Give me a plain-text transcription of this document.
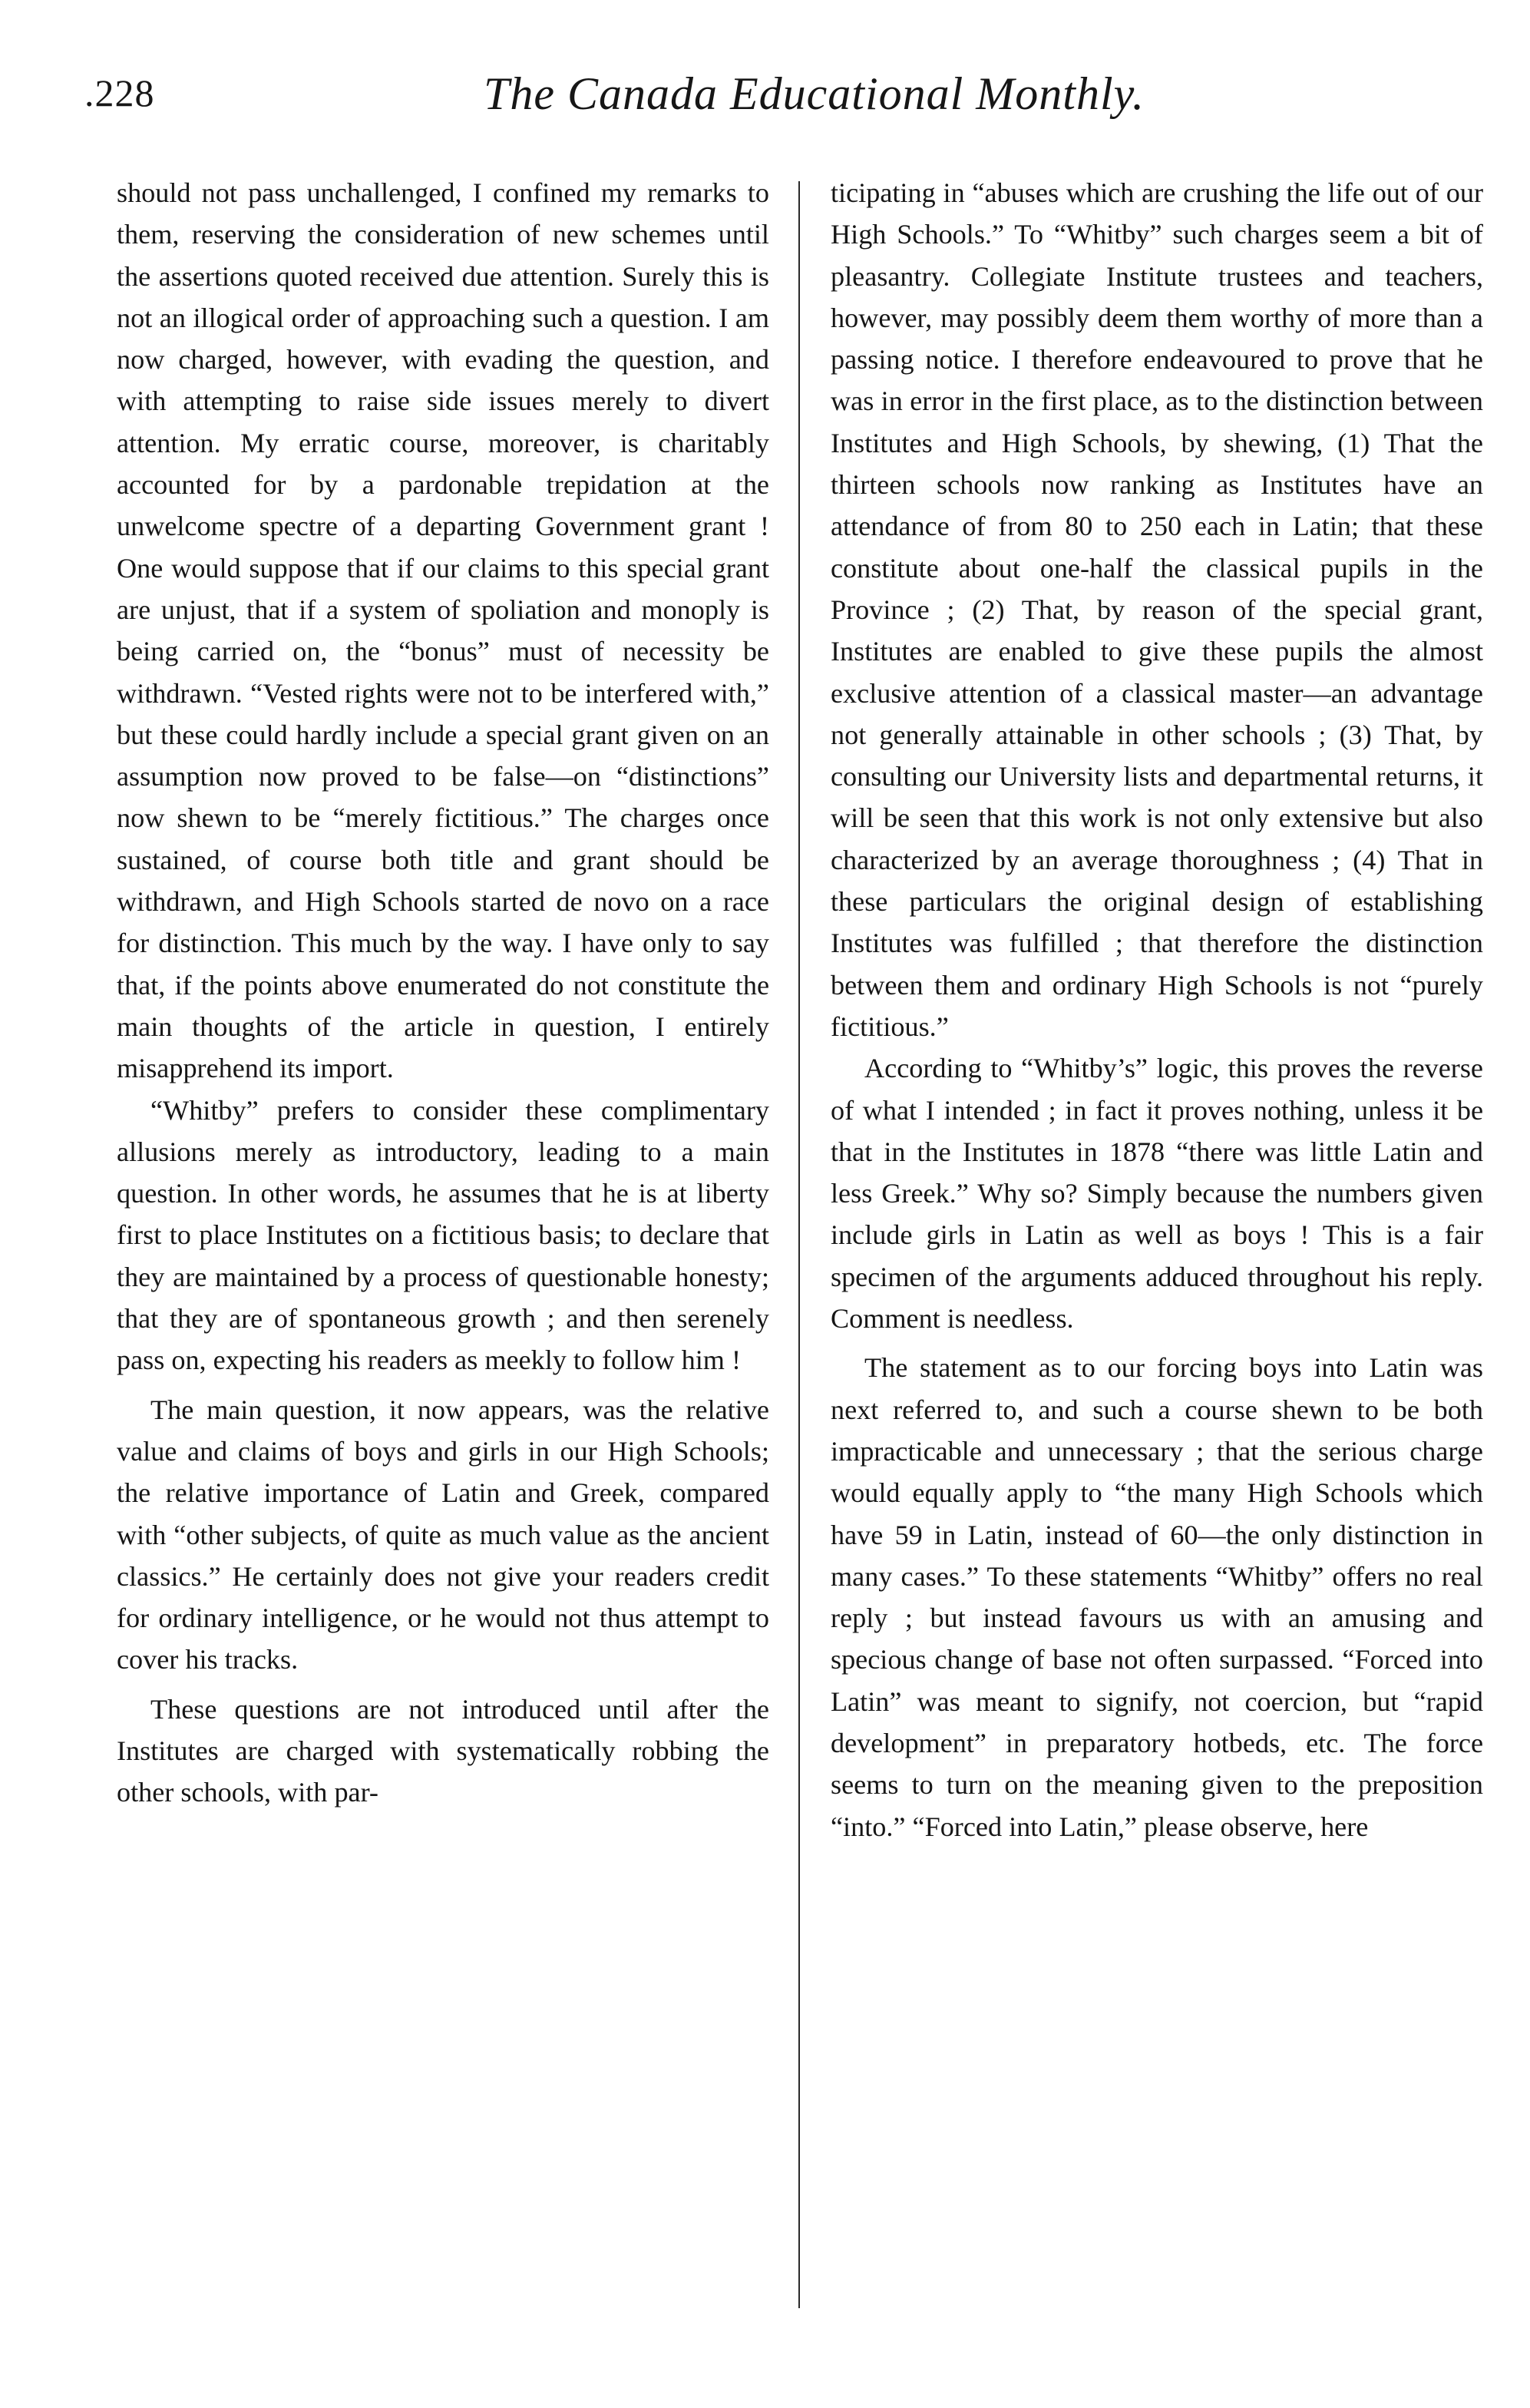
.228	The Canada Educational Monthly.

should not pass unchallenged, I confined my remarks to them, reserving the consideration of new schemes until the assertions quoted received due attention. Surely this is not an illogical order of approaching such a question. I am now charged, however, with evading the question, and with attempting to raise side issues merely to divert attention. My erratic course, moreover, is charitably accounted for by a pardonable trepidation at the unwelcome spectre of a departing Government grant ! One would suppose that if our claims to this special grant are unjust, that if a system of spoliation and monoply is being carried on, the “bonus” must of necessity be withdrawn. “Vested rights were not to be interfered with,” but these could hardly include a special grant given on an assumption now proved to be false—on “distinctions” now shewn to be “merely fictitious.” The charges once sustained, of course both title and grant should be withdrawn, and High Schools started de novo on a race for distinction. This much by the way. I have only to say that, if the points above enumerated do not constitute the main thoughts of the article in question, I entirely misapprehend its import.

“Whitby” prefers to consider these complimentary allusions merely as introductory, leading to a main question. In other words, he assumes that he is at liberty first to place Institutes on a fictitious basis; to declare that they are maintained by a process of questionable honesty; that they are of spontaneous growth ; and then serenely pass on, expecting his readers as meekly to follow him !

The main question, it now appears, was the relative value and claims of boys and girls in our High Schools; the relative importance of Latin and Greek, compared with “other subjects, of quite as much value as the ancient classics.” He certainly does not give your readers credit for ordinary intelligence, or he would not thus attempt to cover his tracks.

These questions are not introduced until after the Institutes are charged with systematically robbing the other schools, with par-

ticipating in “abuses which are crushing the life out of our High Schools.” To “Whitby” such charges seem a bit of pleasantry. Collegiate Institute trustees and teachers, however, may possibly deem them worthy of more than a passing notice. I therefore endeavoured to prove that he was in error in the first place, as to the distinction between Institutes and High Schools, by shewing, (1) That the thirteen schools now ranking as Institutes have an attendance of from 80 to 250 each in Latin; that these constitute about one-half the classical pupils in the Province ; (2) That, by reason of the special grant, Institutes are enabled to give these pupils the almost exclusive attention of a classical master—an advantage not generally attainable in other schools ; (3) That, by consulting our University lists and departmental returns, it will be seen that this work is not only extensive but also characterized by an average thoroughness ; (4) That in these particulars the original design of establishing Institutes was fulfilled ; that therefore the distinction between them and ordinary High Schools is not “purely fictitious.”

According to “Whitby’s” logic, this proves the reverse of what I intended ; in fact it proves nothing, unless it be that in the Institutes in 1878 “there was little Latin and less Greek.” Why so? Simply because the numbers given include girls in Latin as well as boys ! This is a fair specimen of the arguments adduced throughout his reply. Comment is needless.

The statement as to our forcing boys into Latin was next referred to, and such a course shewn to be both impracticable and unnecessary ; that the serious charge would equally apply to “the many High Schools which have 59 in Latin, instead of 60—the only distinction in many cases.” To these statements “Whitby” offers no real reply ; but instead favours us with an amusing and specious change of base not often surpassed. “Forced into Latin” was meant to signify, not coercion, but “rapid development” in preparatory hotbeds, etc. The force seems to turn on the meaning given to the preposition “into.” “Forced into Latin,” please observe, here
